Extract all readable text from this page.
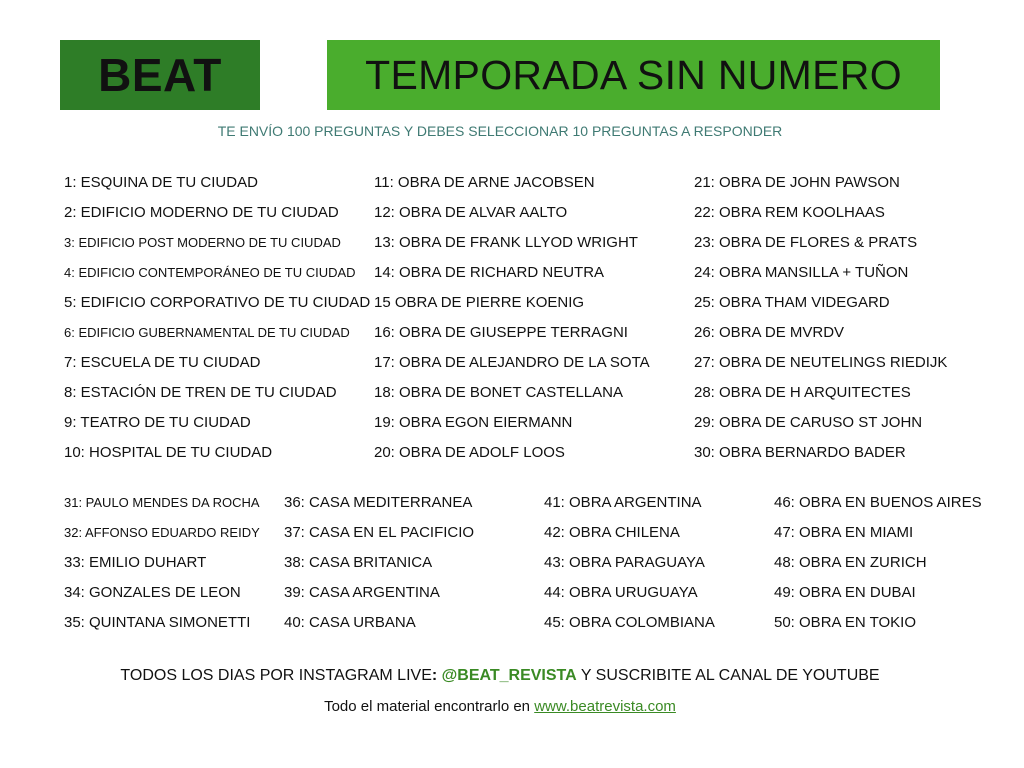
BEAT	TEMPORADA SIN NUMERO
TE ENVÍO 100 PREGUNTAS Y DEBES SELECCIONAR 10 PREGUNTAS A RESPONDER
1: ESQUINA DE TU CIUDAD
2: EDIFICIO MODERNO DE TU CIUDAD
3: EDIFICIO POST MODERNO DE TU CIUDAD
4: EDIFICIO CONTEMPORÁNEO DE TU CIUDAD
5: EDIFICIO CORPORATIVO DE TU CIUDAD
6: EDIFICIO GUBERNAMENTAL DE TU CIUDAD
7: ESCUELA DE TU CIUDAD
8: ESTACIÓN DE TREN DE TU CIUDAD
9: TEATRO DE TU CIUDAD
10: HOSPITAL DE TU CIUDAD
11: OBRA DE ARNE JACOBSEN
12: OBRA DE ALVAR AALTO
13: OBRA DE FRANK LLYOD WRIGHT
14: OBRA DE RICHARD NEUTRA
15 OBRA DE PIERRE KOENIG
16: OBRA DE GIUSEPPE TERRAGNI
17: OBRA DE ALEJANDRO DE LA SOTA
18: OBRA DE BONET CASTELLANA
19: OBRA EGON EIERMANN
20: OBRA DE ADOLF LOOS
21: OBRA DE JOHN PAWSON
22: OBRA REM KOOLHAAS
23: OBRA DE FLORES & PRATS
24: OBRA MANSILLA + TUÑON
25: OBRA THAM VIDEGARD
26: OBRA DE MVRDV
27: OBRA DE NEUTELINGS RIEDIJK
28: OBRA DE H ARQUITECTES
29: OBRA DE CARUSO ST JOHN
30: OBRA BERNARDO BADER
31: PAULO MENDES DA ROCHA
32: AFFONSO EDUARDO REIDY
33: EMILIO DUHART
34: GONZALES DE LEON
35: QUINTANA SIMONETTI
36: CASA MEDITERRANEA
37: CASA EN EL PACIFICIO
38: CASA BRITANICA
39: CASA ARGENTINA
40: CASA URBANA
41: OBRA ARGENTINA
42: OBRA CHILENA
43: OBRA PARAGUAYA
44: OBRA URUGUAYA
45: OBRA COLOMBIANA
46: OBRA EN BUENOS AIRES
47: OBRA EN MIAMI
48: OBRA EN ZURICH
49: OBRA EN DUBAI
50: OBRA EN TOKIO
TODOS LOS DIAS POR INSTAGRAM LIVE: @BEAT_REVISTA Y SUSCRIBITE AL CANAL DE YOUTUBE
Todo el material encontrarlo en www.beatrevista.com
